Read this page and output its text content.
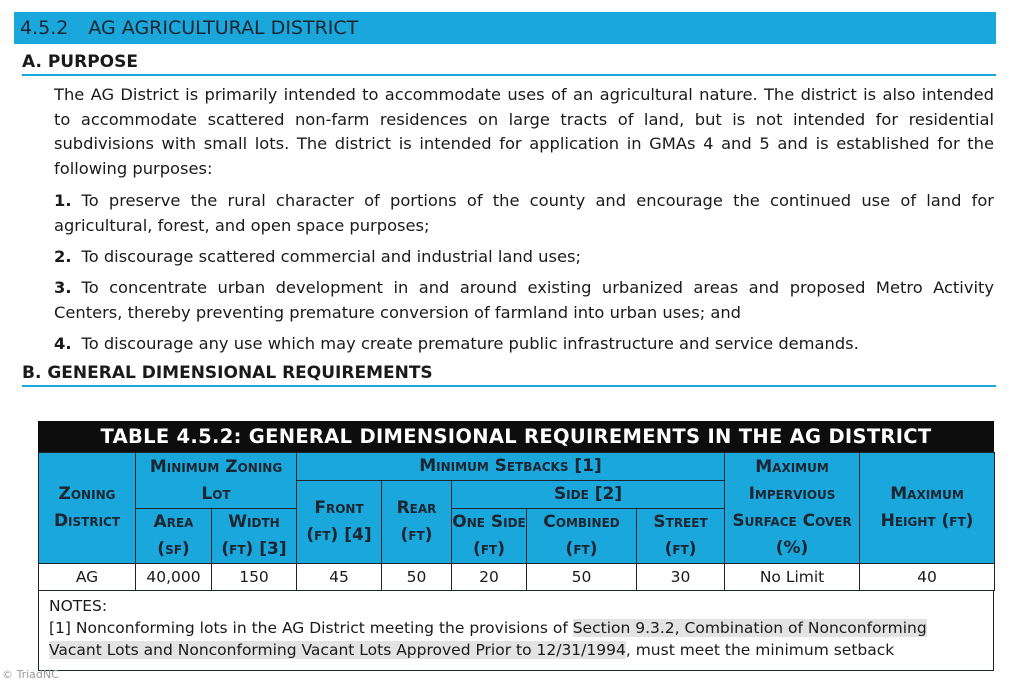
4.5.2 AG AGRICULTURAL DISTRICT
A. PURPOSE

The AG District is primarily intended to accommodate uses of an agricultural nature. The district is also intended to accommodate scattered non-farm residences on large tracts of land, but is not intended for residential subdivisions with small lots. The district is intended for application in GMAs 4 and 5 and is established for the following purposes:

1. To preserve the rural character of portions of the county and encourage the continued use of land for agricultural, forest, and open space purposes;

2. To discourage scattered commercial and industrial land uses;

3. To concentrate urban development in and around existing urbanized areas and proposed Metro Activity Centers, thereby preventing premature conversion of farmland into urban uses; and

4. To discourage any use which may create premature public infrastructure and service demands.

B. GENERAL DIMENSIONAL REQUIREMENTS
TABLE 4.5.2: GENERAL DIMENSIONAL REQUIREMENTS IN THE AG DISTRICT
Zoning District	Minimum Zoning Lot		Minimum Setbacks [1]					Maximum Impervious Surface Cover (%)	Maximum Height (ft)
			Front (ft) [4]	Rear (ft)	Side [2]				
	Area (sf)	Width (ft) [3]			One Side (ft)	Combined (ft)	Street (ft)		
AG	40,000	150	45	50	20	50	30	No Limit	40
NOTES:
[1] Nonconforming lots in the AG District meeting the provisions of Section 9.3.2, Combination of Nonconforming Vacant Lots and Nonconforming Vacant Lots Approved Prior to 12/31/1994, must meet the minimum setback
© TriadNC
